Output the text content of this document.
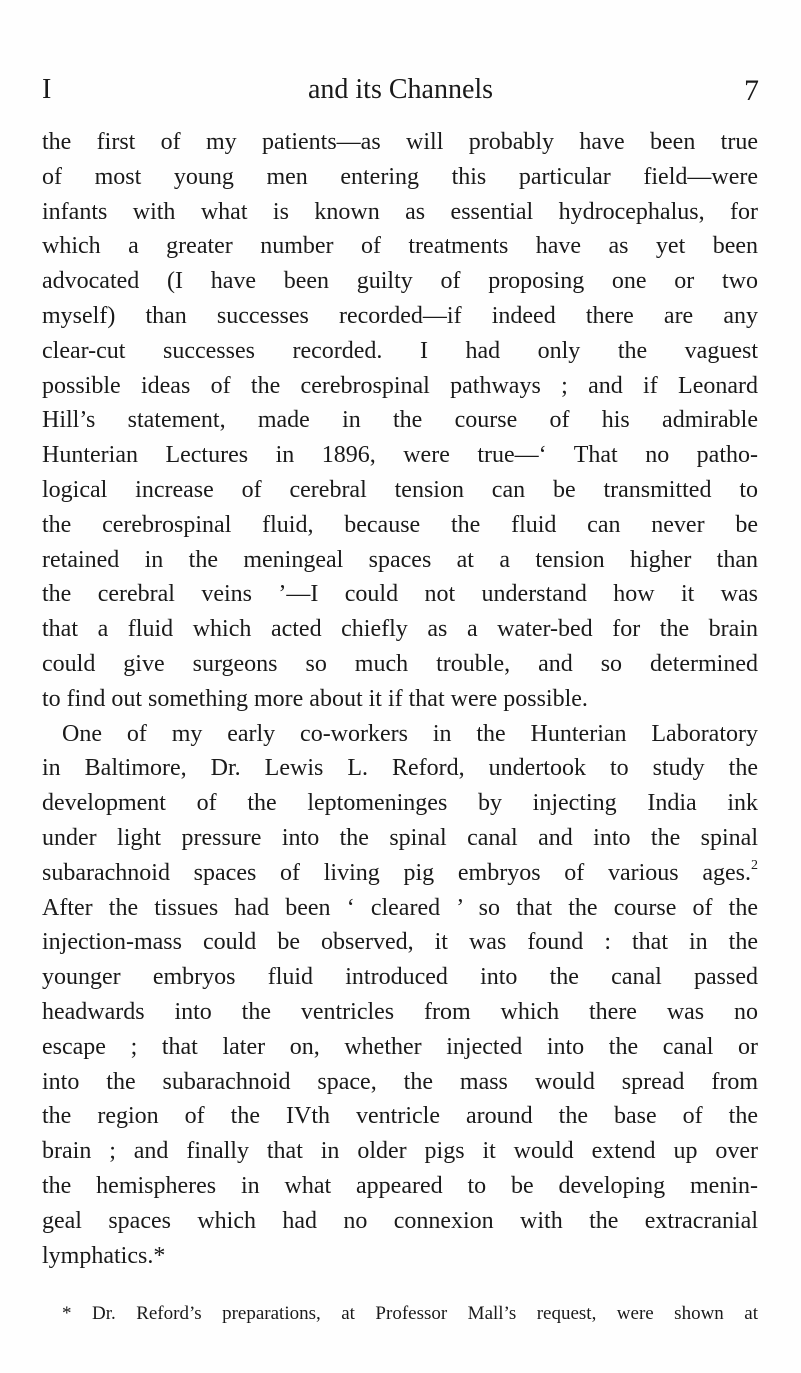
I	and its Channels	7
the first of my patients—as will probably have been true
of most young men entering this particular field—were
infants with what is known as essential hydrocephalus, for
which a greater number of treatments have as yet been
advocated (I have been guilty of proposing one or two
myself) than successes recorded—if indeed there are any
clear-cut successes recorded. I had only the vaguest
possible ideas of the cerebrospinal pathways ; and if Leonard
Hill’s statement, made in the course of his admirable
Hunterian Lectures in 1896, were true—‘ That no patho-
logical increase of cerebral tension can be transmitted to
the cerebrospinal fluid, because the fluid can never be
retained in the meningeal spaces at a tension higher than
the cerebral veins ’—I could not understand how it was
that a fluid which acted chiefly as a water-bed for the brain
could give surgeons so much trouble, and so determined
to find out something more about it if that were possible.
One of my early co-workers in the Hunterian Laboratory
in Baltimore, Dr. Lewis L. Reford, undertook to study the
development of the leptomeninges by injecting India ink
under light pressure into the spinal canal and into the spinal
subarachnoid spaces of living pig embryos of various ages.$^2$
After the tissues had been ‘ cleared ’ so that the course of the
injection-mass could be observed, it was found : that in the
younger embryos fluid introduced into the canal passed
headwards into the ventricles from which there was no
escape ; that later on, whether injected into the canal or
into the subarachnoid space, the mass would spread from
the region of the IVth ventricle around the base of the
brain ; and finally that in older pigs it would extend up over
the hemispheres in what appeared to be developing menin-
geal spaces which had no connexion with the extracranial
lymphatics.*
* Dr. Reford’s preparations, at Professor Mall’s request, were shown at
